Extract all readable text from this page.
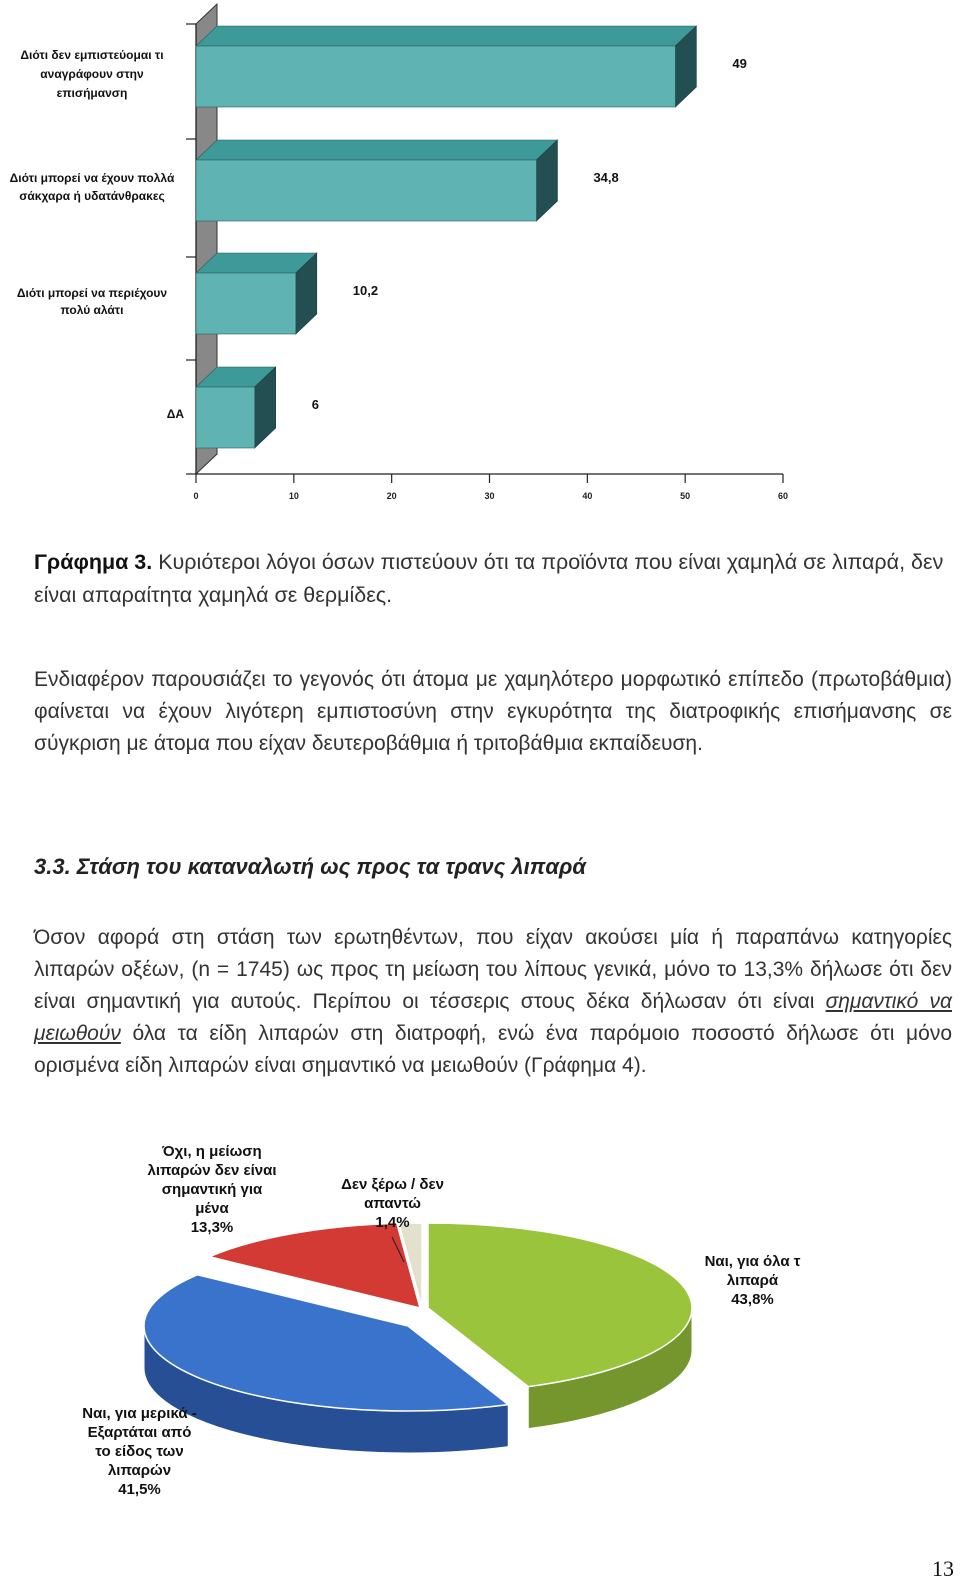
0	10	20	30	40	50	60
49
34,8
10,2
6
Διότι δεν εμπιστεύομαι τι
αναγράφουν στην
επισήμανση
Διότι μπορεί να έχουν πολλά
σάκχαρα ή υδατάνθρακες
Διότι μπορεί να περιέχουν
πολύ αλάτι
ΔΑ
Γράφημα 3. Κυριότεροι λόγοι όσων πιστεύουν ότι τα προϊόντα που είναι χαμηλά σε λιπαρά, δεν είναι απαραίτητα χαμηλά σε θερμίδες.
Ενδιαφέρον παρουσιάζει το γεγονός ότι άτομα με χαμηλότερο μορφωτικό επίπεδο (πρωτοβάθμια) φαίνεται να έχουν λιγότερη εμπιστοσύνη στην εγκυρότητα της διατροφικής επισήμανσης σε σύγκριση με άτομα που είχαν δευτεροβάθμια ή τριτοβάθμια εκπαίδευση.
3.3. Στάση του καταναλωτή ως προς τα τρανς λιπαρά
Όσον αφορά στη στάση των ερωτηθέντων, που είχαν ακούσει μία ή παραπάνω κατηγορίες λιπαρών οξέων, (n = 1745) ως προς τη μείωση του λίπους γενικά, μόνο το 13,3% δήλωσε ότι δεν είναι σημαντική για αυτούς. Περίπου οι τέσσερις στους δέκα δήλωσαν ότι είναι σημαντικό να μειωθούν όλα τα είδη λιπαρών στη διατροφή, ενώ ένα παρόμοιο ποσοστό δήλωσε ότι μόνο ορισμένα είδη λιπαρών είναι σημαντικό να μειωθούν (Γράφημα 4).
Όχι, η μείωση
λιπαρών δεν είναι
σημαντική για
μένα
13,3%
Δεν ξέρω / δεν
απαντώ
1,4%
Ναι, για όλα τ
λιπαρά
43,8%
Ναι, για μερικά -
Εξαρτάται από
το είδος των
λιπαρών
41,5%
13
